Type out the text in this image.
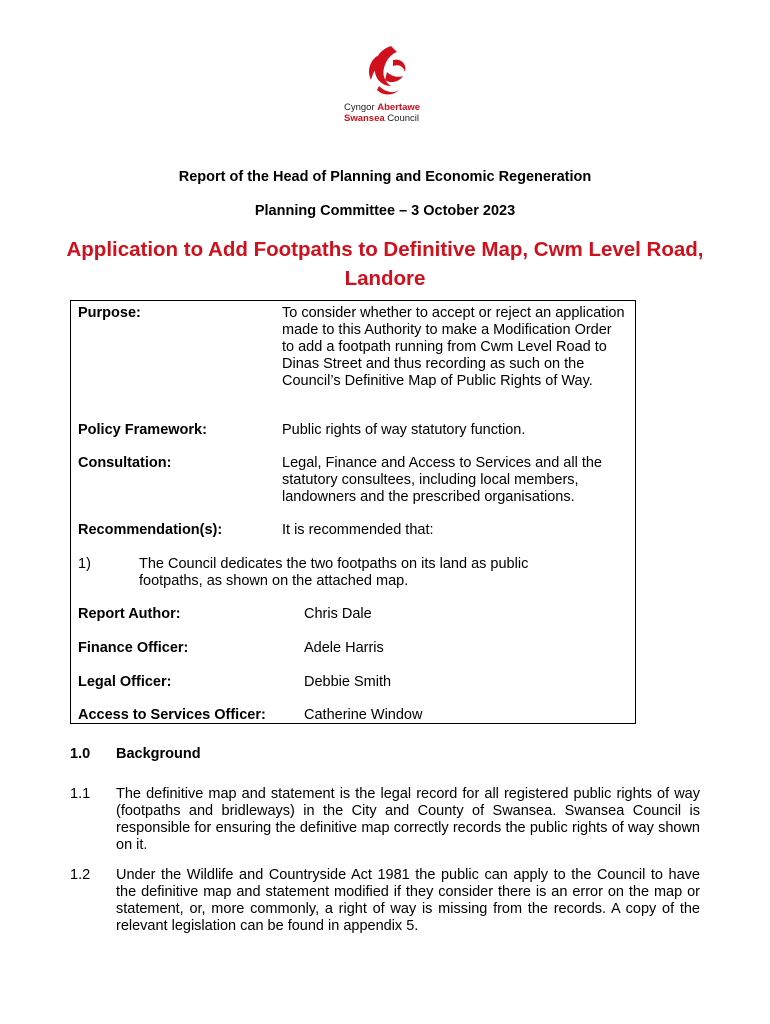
Cyngor Abertawe
Swansea Council
Report of the Head of Planning and Economic Regeneration
Planning Committee – 3 October 2023
Application to Add Footpaths to Definitive Map, Cwm Level Road, Landore
Purpose:	To consider whether to accept or reject an application made to this Authority to make a Modification Order to add a footpath running from Cwm Level Road to Dinas Street and thus recording as such on the Council’s Definitive Map of Public Rights of Way.
Policy Framework:	Public rights of way statutory function.
Consultation:	Legal, Finance and Access to Services and all the statutory consultees, including local members, landowners and the prescribed organisations.
Recommendation(s):	It is recommended that:
1)	The Council dedicates the two footpaths on its land as public footpaths, as shown on the attached map.
Report Author:	Chris Dale
Finance Officer:	Adele Harris
Legal Officer:	Debbie Smith
Access to Services Officer:	Catherine Window
1.0 Background
1.1 The definitive map and statement is the legal record for all registered public rights of way (footpaths and bridleways) in the City and County of Swansea. Swansea Council is responsible for ensuring the definitive map correctly records the public rights of way shown on it.
1.2 Under the Wildlife and Countryside Act 1981 the public can apply to the Council to have the definitive map and statement modified if they consider there is an error on the map or statement, or, more commonly, a right of way is missing from the records. A copy of the relevant legislation can be found in appendix 5.
